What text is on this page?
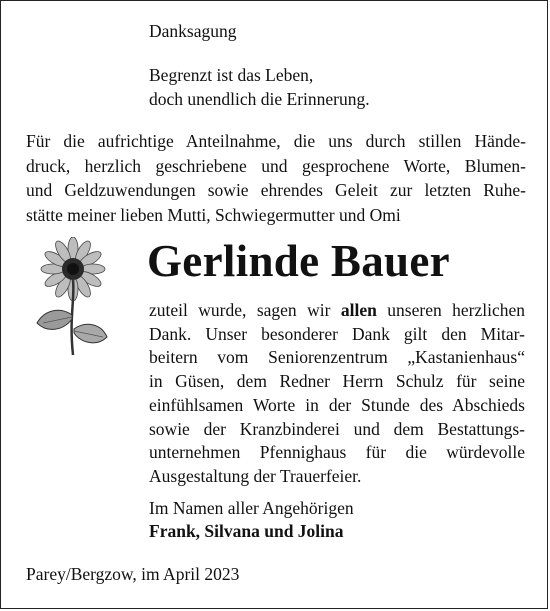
Danksagung
Begrenzt ist das Leben,
doch unendlich die Erinnerung.
Für die aufrichtige Anteilnahme, die uns durch stillen Hände-
druck, herzlich geschriebene und gesprochene Worte, Blumen-
und Geldzuwendungen sowie ehrendes Geleit zur letzten Ruhe-
stätte meiner lieben Mutti, Schwiegermutter und Omi
Gerlinde Bauer
zuteil wurde, sagen wir allen unseren herzlichen
Dank. Unser besonderer Dank gilt den Mitar-
beitern vom Seniorenzentrum „Kastanienhaus“
in Güsen, dem Redner Herrn Schulz für seine
einfühlsamen Worte in der Stunde des Abschieds
sowie der Kranzbinderei und dem Bestattungs-
unternehmen Pfennighaus für die würdevolle
Ausgestaltung der Trauerfeier.
Im Namen aller Angehörigen
Frank, Silvana und Jolina
Parey/Bergzow, im April 2023
